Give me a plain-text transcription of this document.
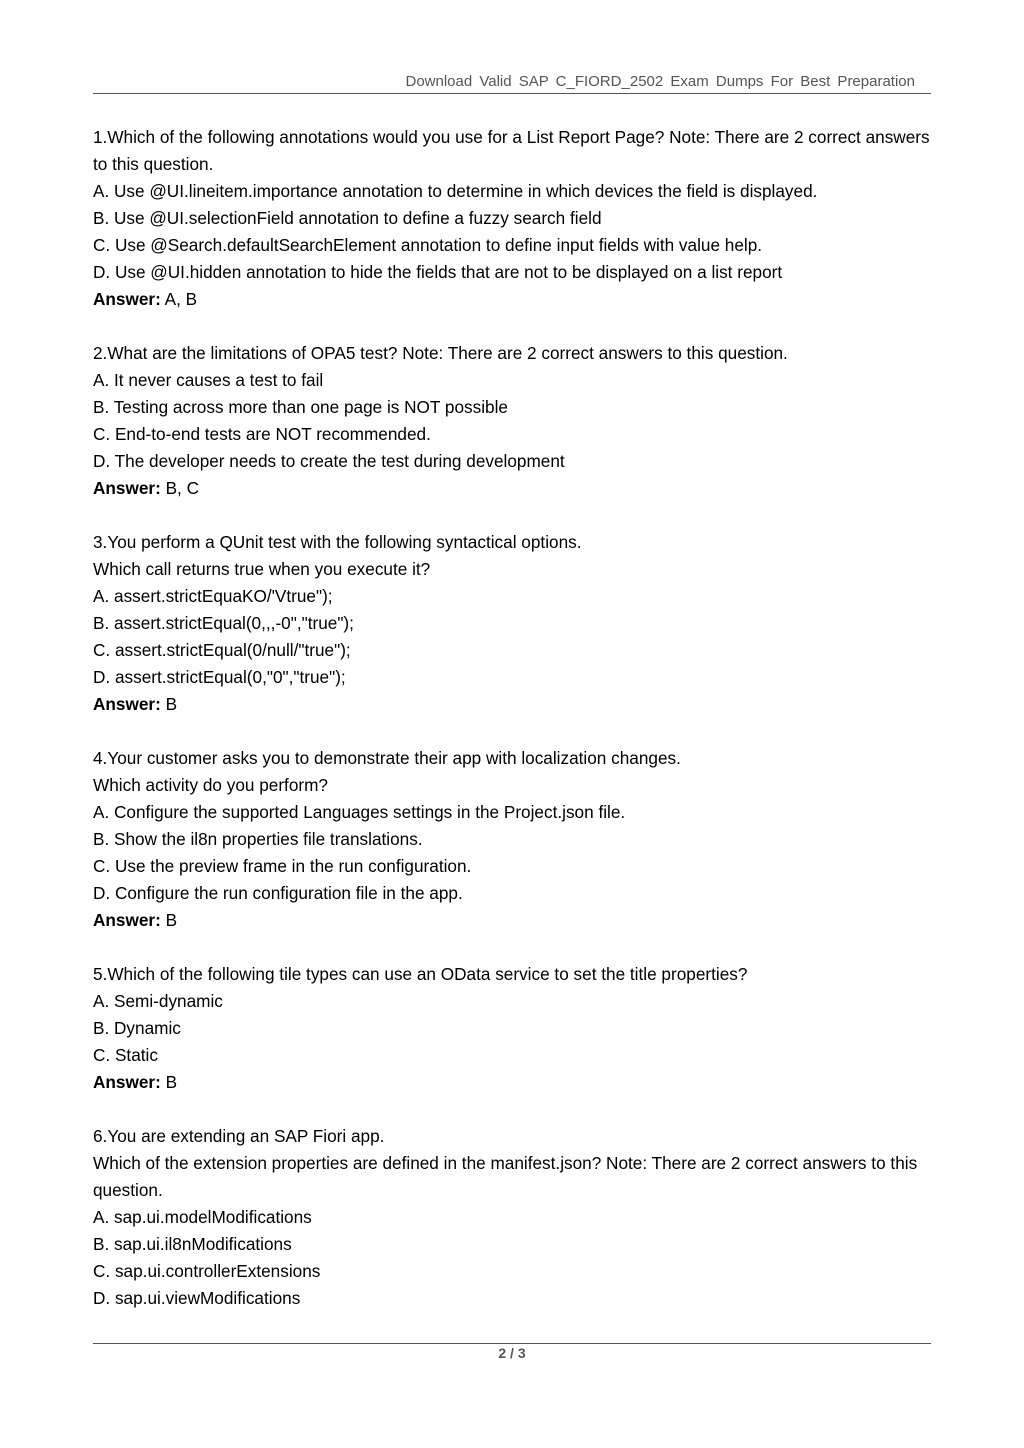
Download Valid SAP C_FIORD_2502 Exam Dumps For Best Preparation
1.Which of the following annotations would you use for a List Report Page? Note: There are 2 correct answers to this question.
A. Use @UI.lineitem.importance annotation to determine in which devices the field is displayed.
B. Use @UI.selectionField annotation to define a fuzzy search field
C. Use @Search.defaultSearchElement annotation to define input fields with value help.
D. Use @UI.hidden annotation to hide the fields that are not to be displayed on a list report
Answer: A, B
2.What are the limitations of OPA5 test? Note: There are 2 correct answers to this question.
A. It never causes a test to fail
B. Testing across more than one page is NOT possible
C. End-to-end tests are NOT recommended.
D. The developer needs to create the test during development
Answer: B, C
3.You perform a QUnit test with the following syntactical options.
Which call returns true when you execute it?
A. assert.strictEquaKO/'Vtrue");
B. assert.strictEqual(0,,,-0","true");
C. assert.strictEqual(0/null/"true");
D. assert.strictEqual(0,"0","true");
Answer: B
4.Your customer asks you to demonstrate their app with localization changes.
Which activity do you perform?
A. Configure the supported Languages settings in the Project.json file.
B. Show the il8n properties file translations.
C. Use the preview frame in the run configuration.
D. Configure the run configuration file in the app.
Answer: B
5.Which of the following tile types can use an OData service to set the title properties?
A. Semi-dynamic
B. Dynamic
C. Static
Answer: B
6.You are extending an SAP Fiori app.
Which of the extension properties are defined in the manifest.json? Note: There are 2 correct answers to this question.
A. sap.ui.modelModifications
B. sap.ui.il8nModifications
C. sap.ui.controllerExtensions
D. sap.ui.viewModifications
2 / 3
